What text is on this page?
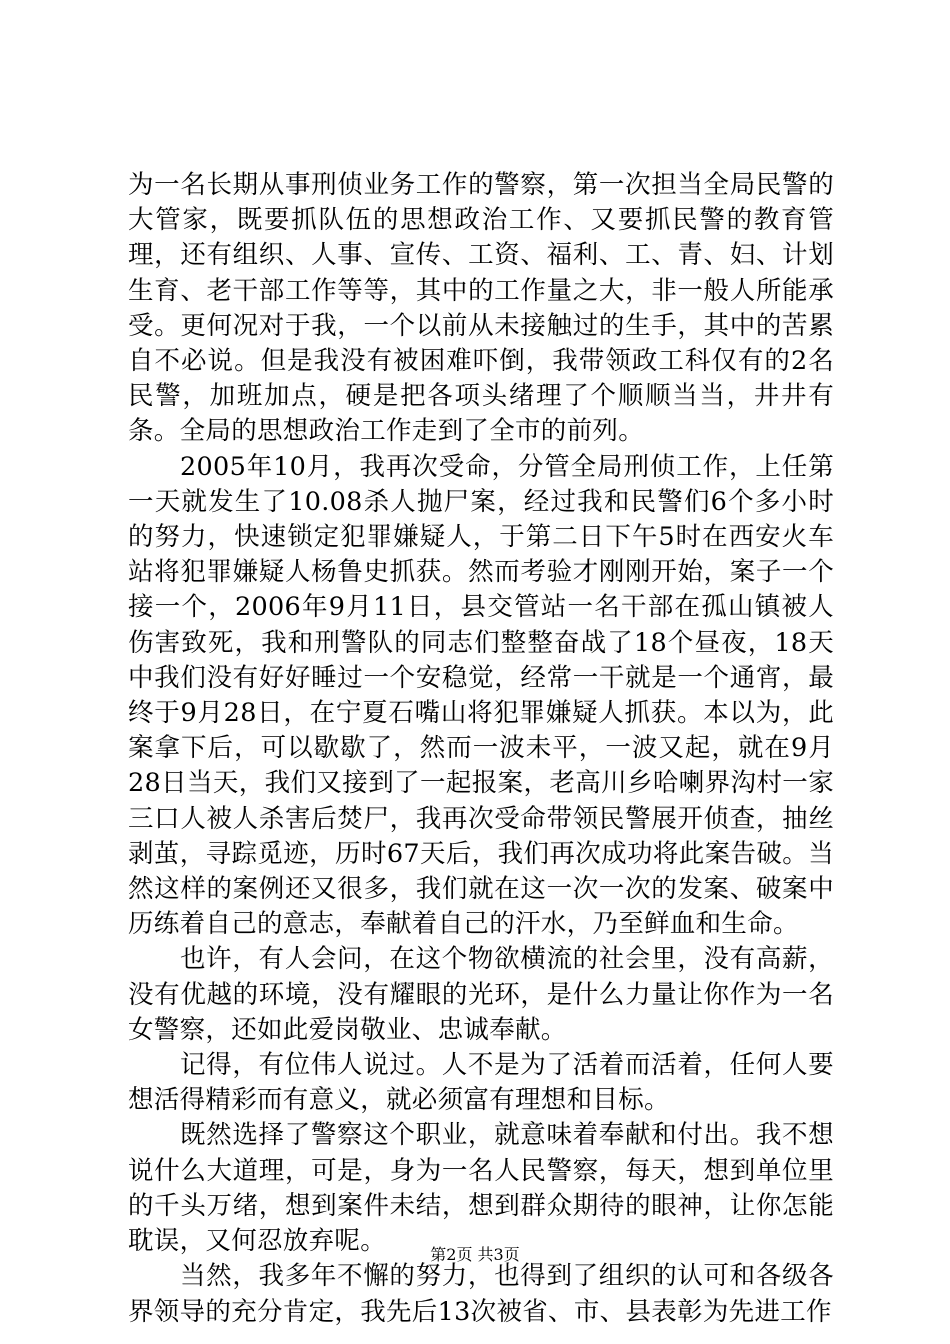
为一名长期从事刑侦业务工作的警察，第一次担当全局民警的大管家，既要抓队伍的思想政治工作、又要抓民警的教育管理，还有组织、人事、宣传、工资、福利、工、青、妇、计划生育、老干部工作等等，其中的工作量之大，非一般人所能承受。更何况对于我，一个以前从未接触过的生手，其中的苦累自不必说。但是我没有被困难吓倒，我带领政工科仅有的2名民警，加班加点，硬是把各项头绪理了个顺顺当当，井井有条。全局的思想政治工作走到了全市的前列。

2005年10月，我再次受命，分管全局刑侦工作，上任第一天就发生了10.08杀人抛尸案，经过我和民警们6个多小时的努力，快速锁定犯罪嫌疑人，于第二日下午5时在西安火车站将犯罪嫌疑人杨鲁史抓获。然而考验才刚刚开始，案子一个接一个，2006年9月11日，县交管站一名干部在孤山镇被人伤害致死，我和刑警队的同志们整整奋战了18个昼夜，18天中我们没有好好睡过一个安稳觉，经常一干就是一个通宵，最终于9月28日，在宁夏石嘴山将犯罪嫌疑人抓获。本以为，此案拿下后，可以歇歇了，然而一波未平，一波又起，就在9月28日当天，我们又接到了一起报案，老高川乡哈喇界沟村一家三口人被人杀害后焚尸，我再次受命带领民警展开侦查，抽丝剥茧，寻踪觅迹，历时67天后，我们再次成功将此案告破。当然这样的案例还又很多，我们就在这一次一次的发案、破案中历练着自己的意志，奉献着自己的汗水，乃至鲜血和生命。

也许，有人会问，在这个物欲横流的社会里，没有高薪，没有优越的环境，没有耀眼的光环，是什么力量让你作为一名女警察，还如此爱岗敬业、忠诚奉献。

记得，有位伟人说过。人不是为了活着而活着，任何人要想活得精彩而有意义，就必须富有理想和目标。

既然选择了警察这个职业，就意味着奉献和付出。我不想说什么大道理，可是，身为一名人民警察，每天，想到单位里的千头万绪，想到案件未结，想到群众期待的眼神，让你怎能耽误，又何忍放弃呢。

当然，我多年不懈的努力，也得到了组织的认可和各级各界领导的充分肯定，我先后13次被省、市、县表彰为先进工作

第2页 共3页
